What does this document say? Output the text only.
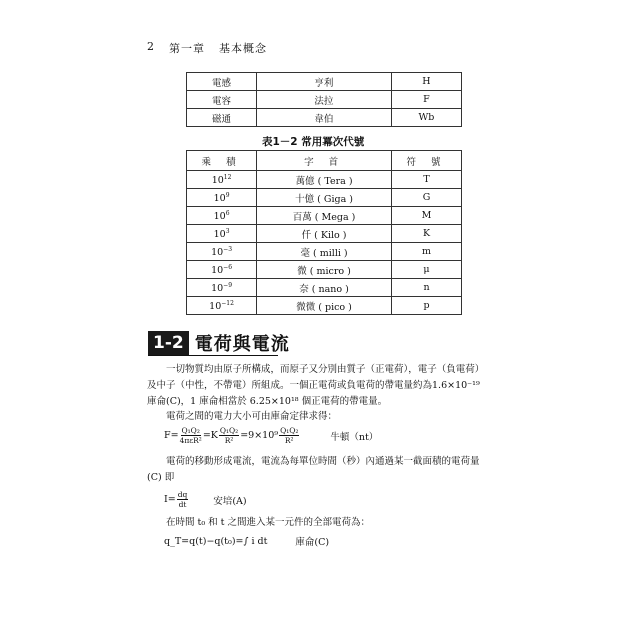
2 第一章 基本概念
電感	亨利	H
電容	法拉	F
磁通	韋伯	Wb
表1－2 常用冪次代號
乘 積	字 首	符 號
$10^{12}$	萬億 ( Tera )	T
$10^9$	十億 ( Giga )	G
$10^6$	百萬 ( Mega )	M
$10^3$	仟 ( Kilo )	K
$10^{-3}$	毫 ( milli )	m
$10^{-6}$	微 ( micro )	μ
$10^{-9}$	奈 ( nano )	n
$10^{-12}$	微微 ( pico )	p
1-2 電荷與電流
一切物質均由原子所構成，而原子又分別由質子（正電荷），電子（負電荷）及中子（中性，不帶電）所組成。一個正電荷或負電荷的帶電量約為1.6×10⁻¹⁹ 庫侖(C)，1 庫侖相當於 6.25×10¹⁸ 個正電荷的帶電量。
電荷之間的電力大小可由庫侖定律求得：
$F= \frac{\text{Q₁Q₂}}{\text{4πεR²}} =K \frac{\text{Q₁Q₂}}{\text{R²}} =9\times 10^9 \frac{\text{Q₁Q₂}}{\text{R²}}$	牛頓（nt）
電荷的移動形成電流，電流為每單位時間（秒）內通過某一截面積的電荷量(C) 即
$I= \frac{dq}{dt}$	安培(A)
在時間 t₀ 和 t 之間進入某一元件的全部電荷為：
q_T=q(t)−q(t₀)=∫ i dt	庫侖(C)
